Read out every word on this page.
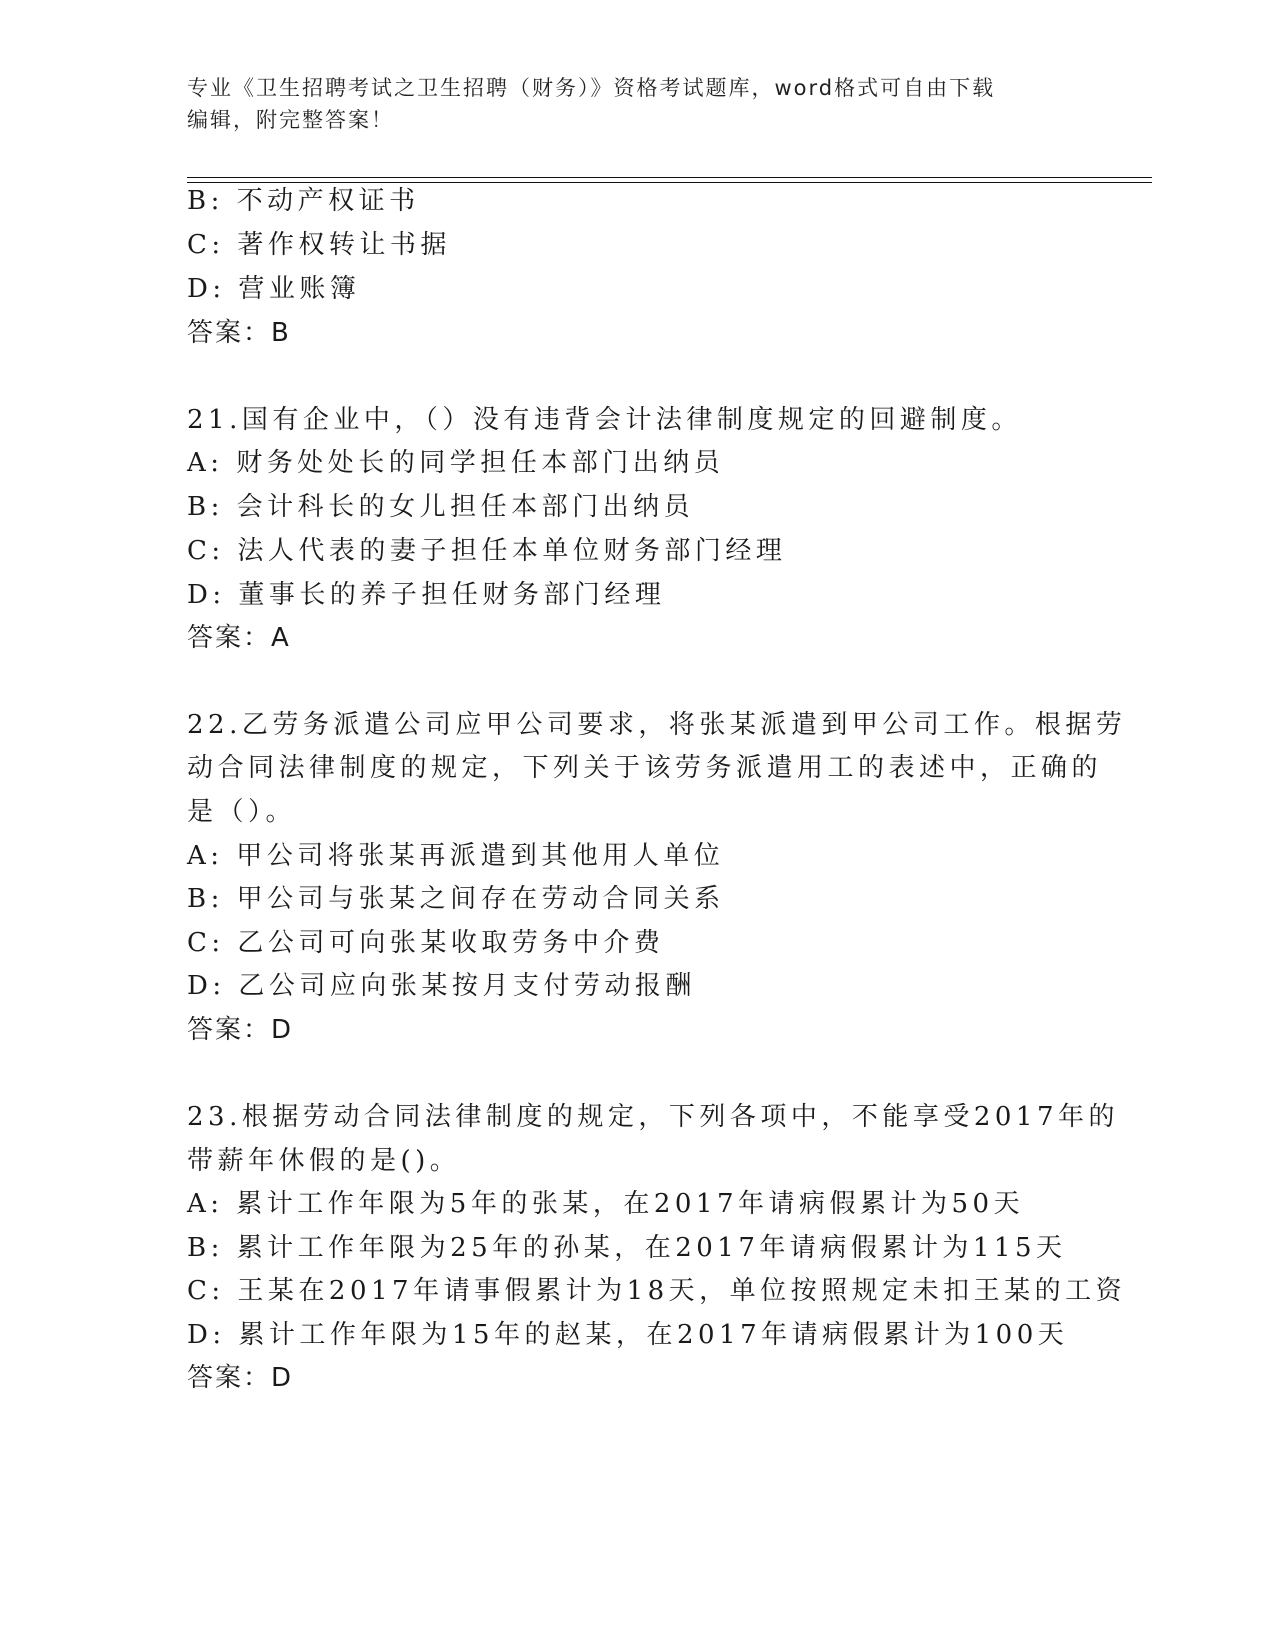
专业《卫生招聘考试之卫生招聘（财务）》资格考试题库，word格式可自由下载
编辑，附完整答案！
B: 不动产权证书
C: 著作权转让书据
D: 营业账簿
答案：B
21.国有企业中，（）没有违背会计法律制度规定的回避制度。
A: 财务处处长的同学担任本部门出纳员
B: 会计科长的女儿担任本部门出纳员
C: 法人代表的妻子担任本单位财务部门经理
D: 董事长的养子担任财务部门经理
答案：A
22.乙劳务派遣公司应甲公司要求，将张某派遣到甲公司工作。根据劳
动合同法律制度的规定，下列关于该劳务派遣用工的表述中，正确的
是（）。
A: 甲公司将张某再派遣到其他用人单位
B: 甲公司与张某之间存在劳动合同关系
C: 乙公司可向张某收取劳务中介费
D: 乙公司应向张某按月支付劳动报酬
答案：D
23.根据劳动合同法律制度的规定，下列各项中，不能享受2017年的
带薪年休假的是()。
A: 累计工作年限为5年的张某，在2017年请病假累计为50天
B: 累计工作年限为25年的孙某，在2017年请病假累计为115天
C: 王某在2017年请事假累计为18天，单位按照规定未扣王某的工资
D: 累计工作年限为15年的赵某，在2017年请病假累计为100天
答案：D
